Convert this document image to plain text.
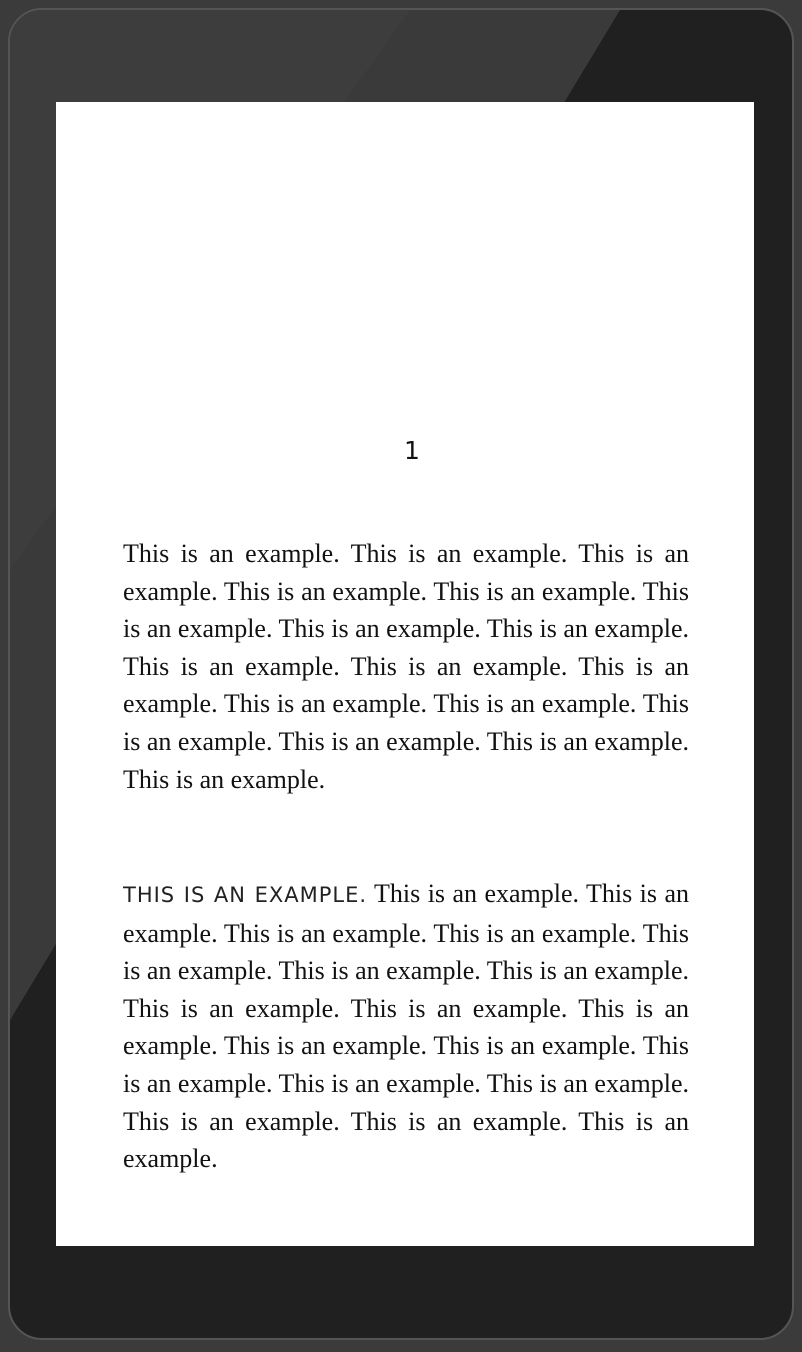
1

This is an example. This is an example. This is an example. This is an example. This is an example. This is an example. This is an example. This is an example. This is an example. This is an example. This is an example. This is an example. This is an example. This is an example. This is an example. This is an example. This is an example.

THIS IS AN EXAMPLE. This is an example. This is an example. This is an example. This is an example. This is an example. This is an example. This is an example. This is an example. This is an example. This is an example. This is an example. This is an example. This is an example. This is an example. This is an example. This is an example. This is an example. This is an example.
